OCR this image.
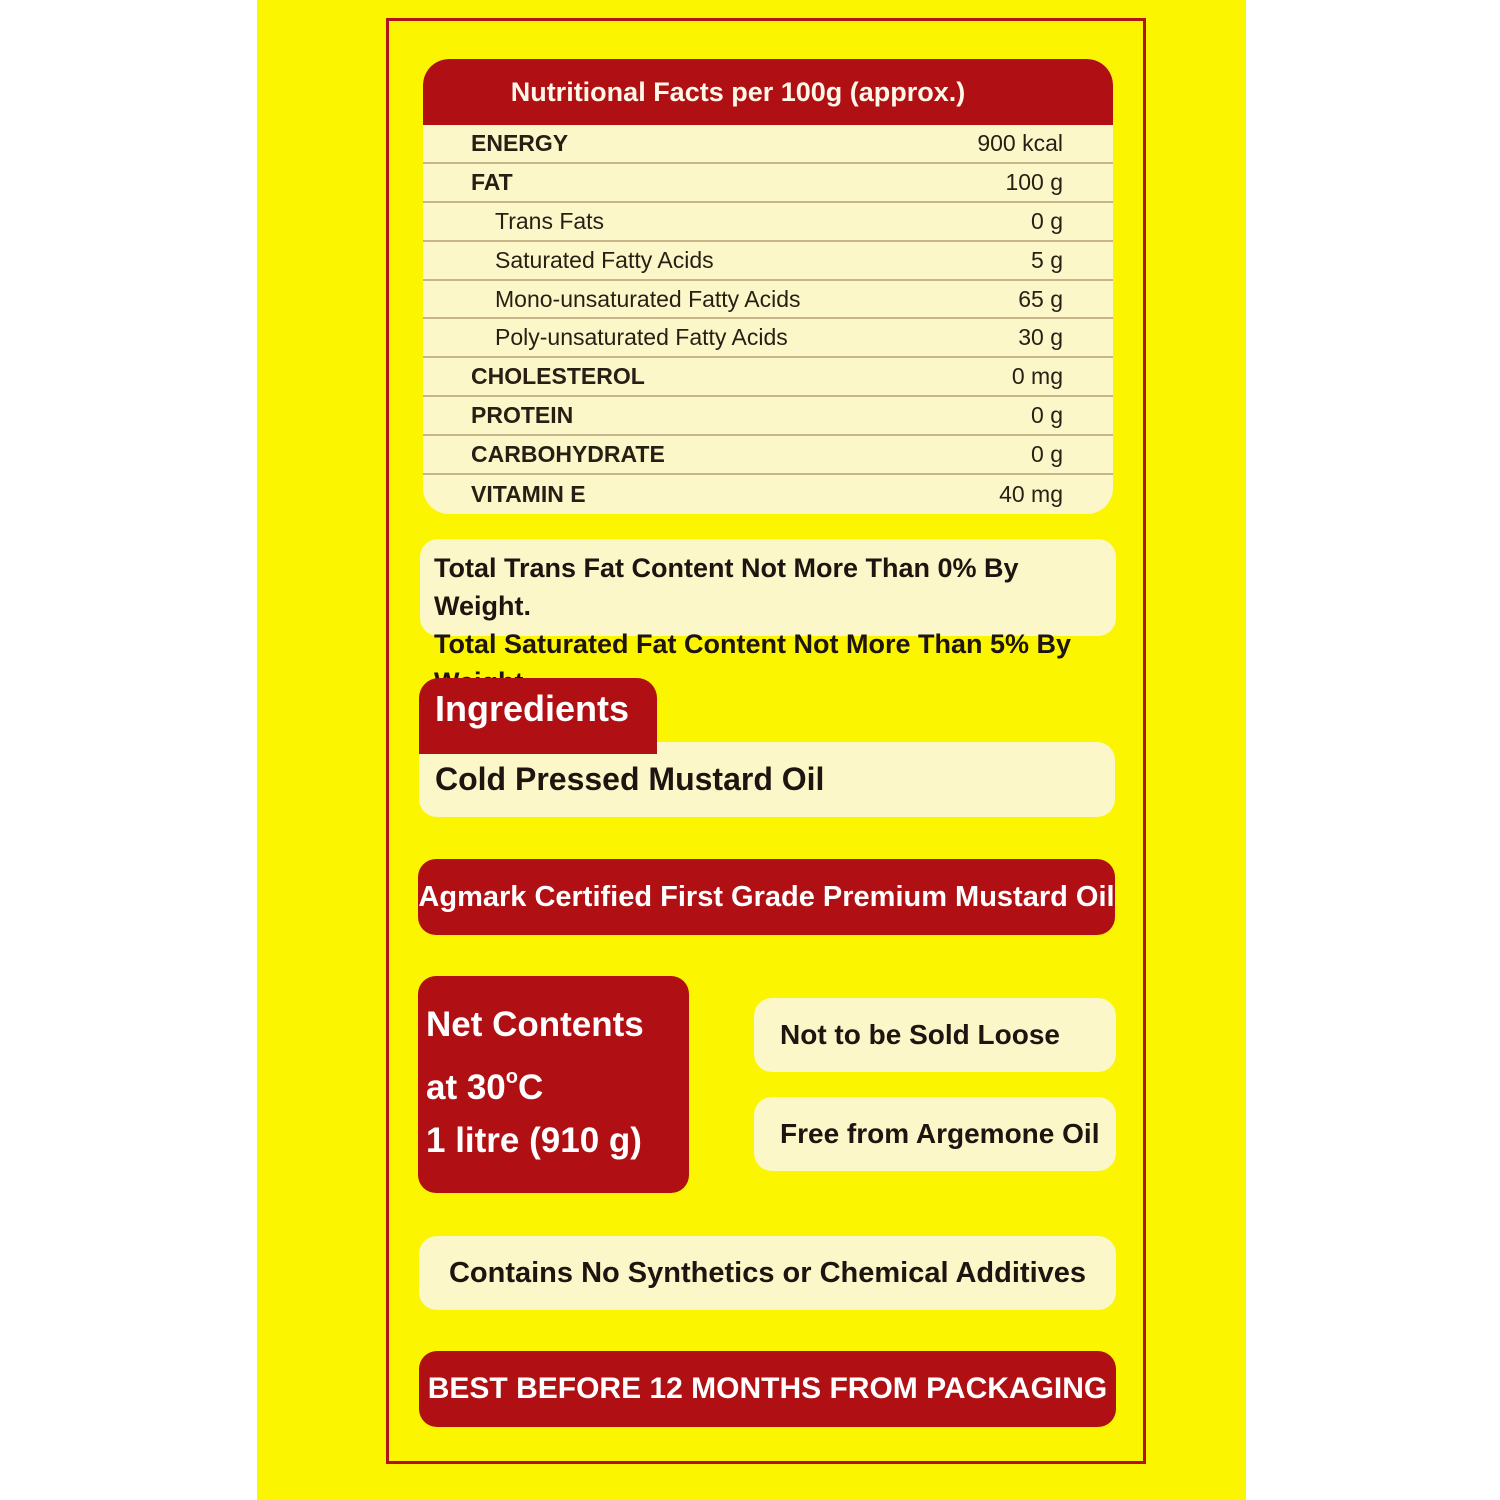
Nutritional Facts per 100g (approx.)
ENERGY	900 kcal
FAT	100 g
Trans Fats	0 g
Saturated Fatty Acids	5 g
Mono-unsaturated Fatty Acids	65 g
Poly-unsaturated Fatty Acids	30 g
CHOLESTEROL	0 mg
PROTEIN	0 g
CARBOHYDRATE	0 g
VITAMIN E	40 mg
Total Trans Fat Content Not More Than 0% By Weight.
Total Saturated Fat Content Not More Than 5% By
Cold Pressed Mustard Oil
Ingredients
Agmark Certified First Grade Premium Mustard Oil
Net Contents
at 30$^o$C
1 litre (910 g)
Not to be Sold Loose
Free from Argemone Oil
Contains No Synthetics or Chemical Additives
BEST BEFORE 12 MONTHS FROM PACKAGING
